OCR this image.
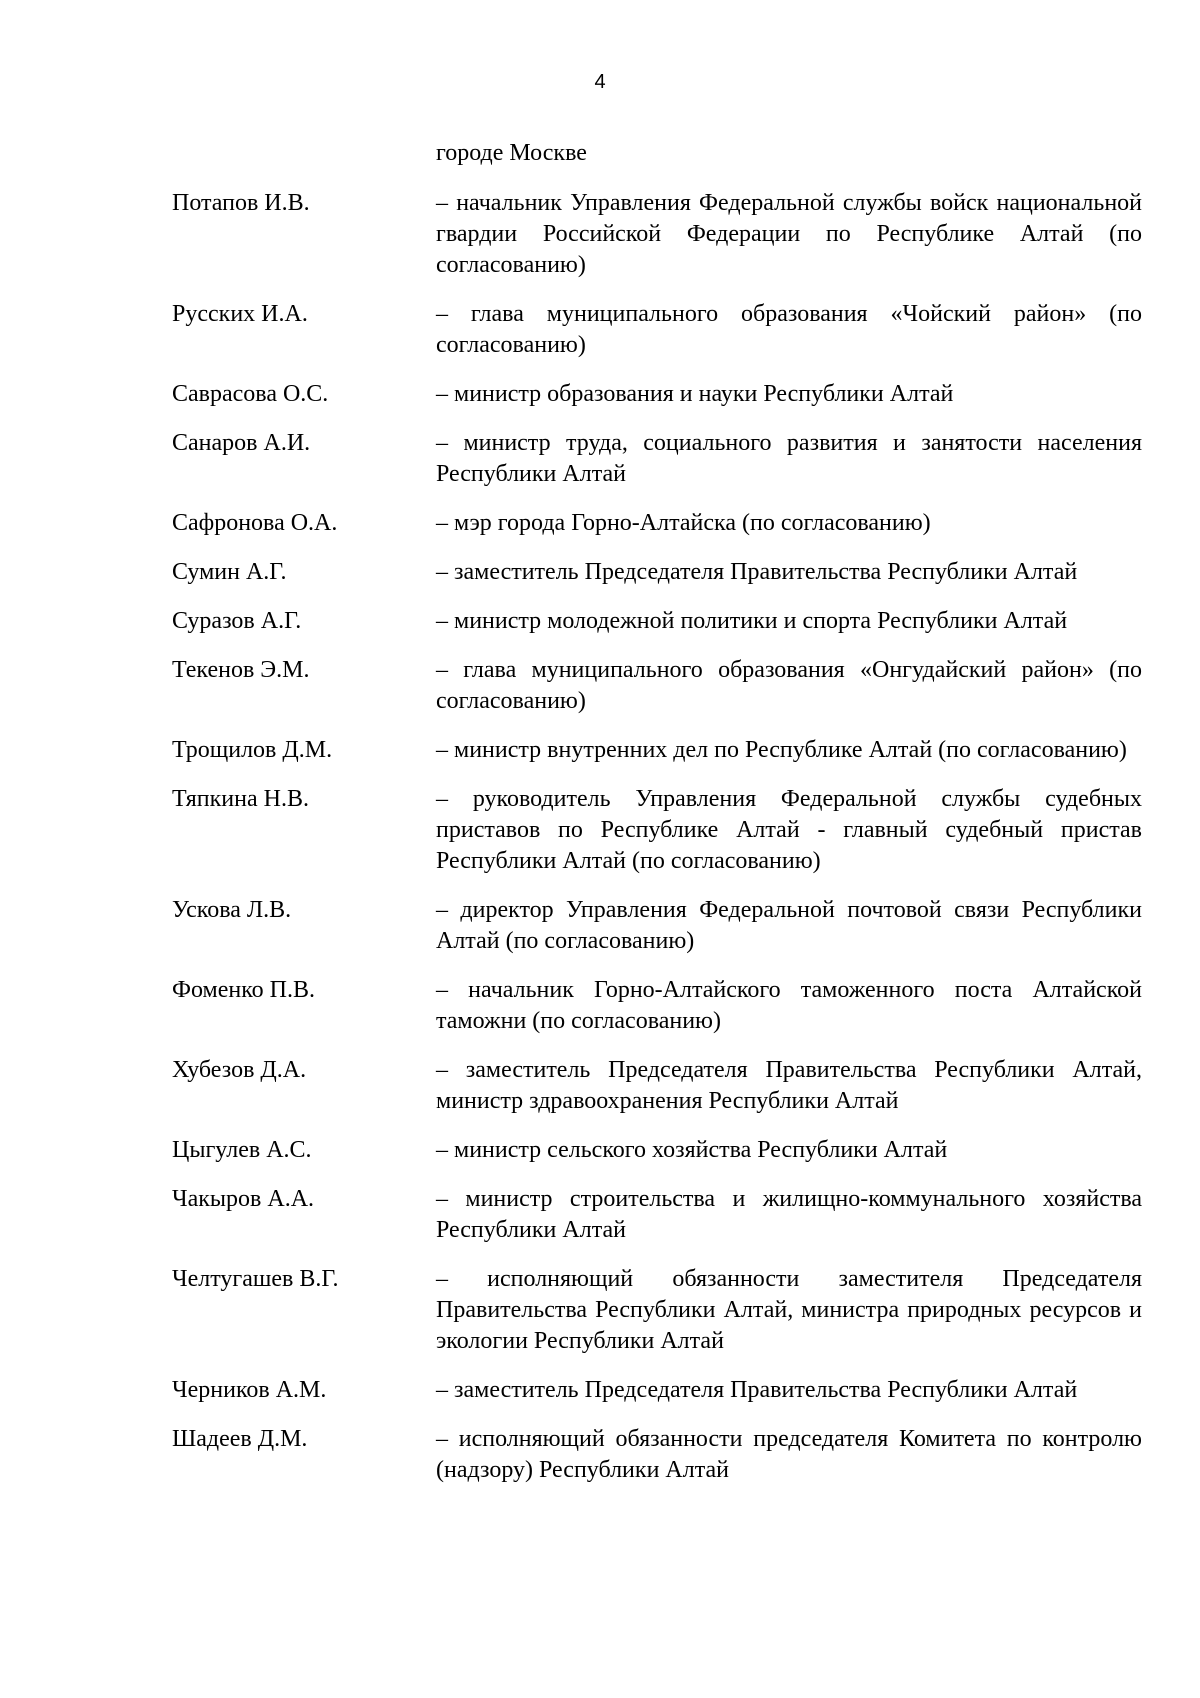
4
городе Москве
Потапов И.В.	– начальник Управления Федеральной службы войск национальной гвардии Российской Федерации по Республике Алтай (по согласованию)
Русских И.А.	– глава муниципального образования «Чойский район» (по согласованию)
Саврасова О.С.	– министр образования и науки Республики Алтай
Санаров А.И.	– министр труда, социального развития и занятости населения Республики Алтай
Сафронова О.А.	– мэр города Горно-Алтайска (по согласованию)
Сумин А.Г.	– заместитель Председателя Правительства Республики Алтай
Суразов А.Г.	– министр молодежной политики и спорта Республики Алтай
Текенов Э.М.	– глава муниципального образования «Онгудайский район» (по согласованию)
Трощилов Д.М.	– министр внутренних дел по Республике Алтай (по согласованию)
Тяпкина Н.В.	– руководитель Управления Федеральной службы судебных приставов по Республике Алтай - главный судебный пристав Республики Алтай (по согласованию)
Ускова Л.В.	– директор Управления Федеральной почтовой связи Республики Алтай (по согласованию)
Фоменко П.В.	– начальник Горно-Алтайского таможенного поста Алтайской таможни (по согласованию)
Хубезов Д.А.	– заместитель Председателя Правительства Республики Алтай, министр здравоохранения Республики Алтай
Цыгулев А.С.	– министр сельского хозяйства Республики Алтай
Чакыров А.А.	– министр строительства и жилищно-коммунального хозяйства Республики Алтай
Челтугашев В.Г.	– исполняющий обязанности заместителя Председателя Правительства Республики Алтай, министра природных ресурсов и экологии Республики Алтай
Черников А.М.	– заместитель Председателя Правительства Республики Алтай
Шадеев Д.М.	– исполняющий обязанности председателя Комитета по контролю (надзору) Республики Алтай
